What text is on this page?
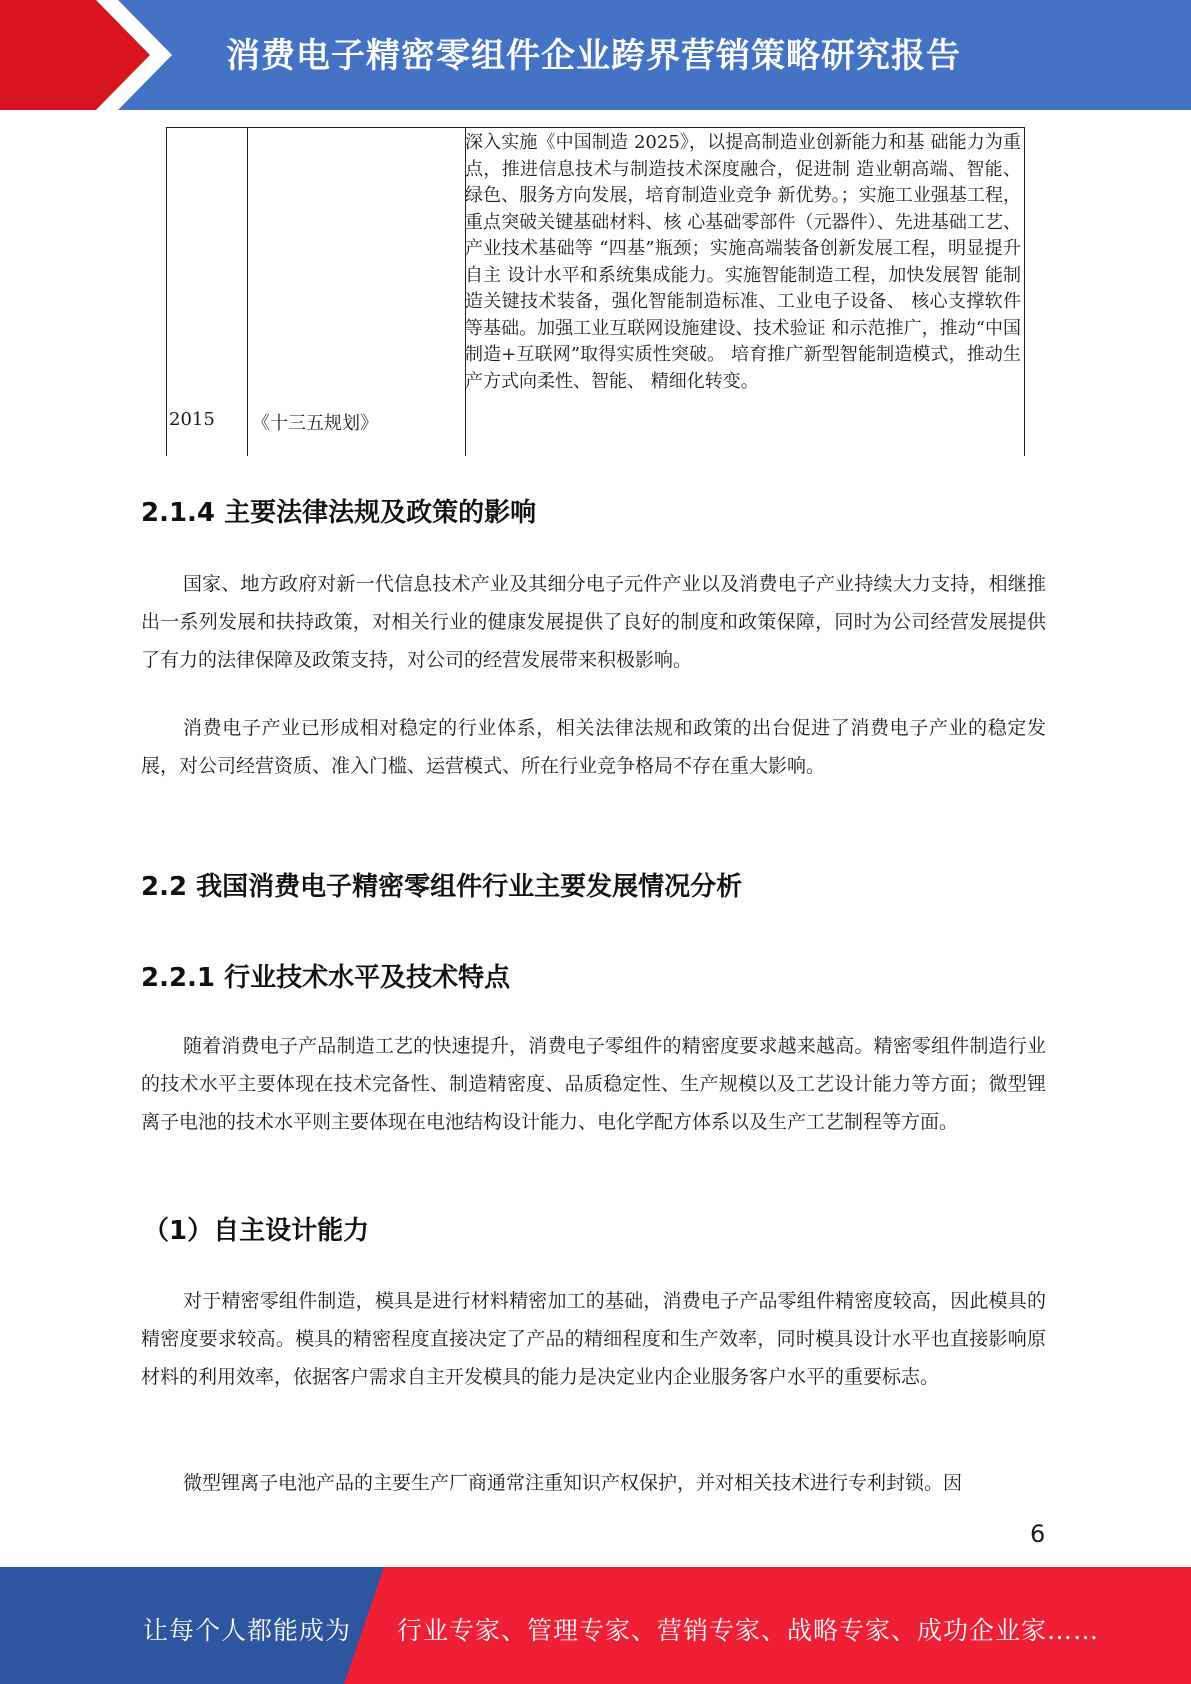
消费电子精密零组件企业跨界营销策略研究报告
2015 《十三五规划》
深入实施《中国制造 2025》，以提高制造业创新能力和基 础能力为重点，推进信息技术与制造技术深度融合，促进制 造业朝高端、智能、绿色、服务方向发展，培育制造业竞争 新优势。；实施工业强基工程，重点突破关键基础材料、核 心基础零部件（元器件）、先进基础工艺、产业技术基础等 “四基”瓶颈；实施高端装备创新发展工程，明显提升自主 设计水平和系统集成能力。实施智能制造工程，加快发展智 能制造关键技术装备，强化智能制造标准、工业电子设备、 核心支撑软件等基础。加强工业互联网设施建设、技术验证 和示范推广，推动“中国制造+互联网”取得实质性突破。 培育推广新型智能制造模式，推动生产方式向柔性、智能、 精细化转变。
2.1.4 主要法律法规及政策的影响
国家、地方政府对新一代信息技术产业及其细分电子元件产业以及消费电子产业持续大力支持，相继推出一系列发展和扶持政策，对相关行业的健康发展提供了良好的制度和政策保障，同时为公司经营发展提供了有力的法律保障及政策支持，对公司的经营发展带来积极影响。
消费电子产业已形成相对稳定的行业体系，相关法律法规和政策的出台促进了消费电子产业的稳定发展，对公司经营资质、准入门槛、运营模式、所在行业竞争格局不存在重大影响。
2.2 我国消费电子精密零组件行业主要发展情况分析
2.2.1 行业技术水平及技术特点
随着消费电子产品制造工艺的快速提升，消费电子零组件的精密度要求越来越高。精密零组件制造行业的技术水平主要体现在技术完备性、制造精密度、品质稳定性、生产规模以及工艺设计能力等方面；微型锂离子电池的技术水平则主要体现在电池结构设计能力、电化学配方体系以及生产工艺制程等方面。
（1）自主设计能力
对于精密零组件制造，模具是进行材料精密加工的基础，消费电子产品零组件精密度较高，因此模具的精密度要求较高。模具的精密程度直接决定了产品的精细程度和生产效率，同时模具设计水平也直接影响原材料的利用效率，依据客户需求自主开发模具的能力是决定业内企业服务客户水平的重要标志。
微型锂离子电池产品的主要生产厂商通常注重知识产权保护，并对相关技术进行专利封锁。因
6
让每个人都能成为 行业专家、管理专家、营销专家、战略专家、成功企业家……
